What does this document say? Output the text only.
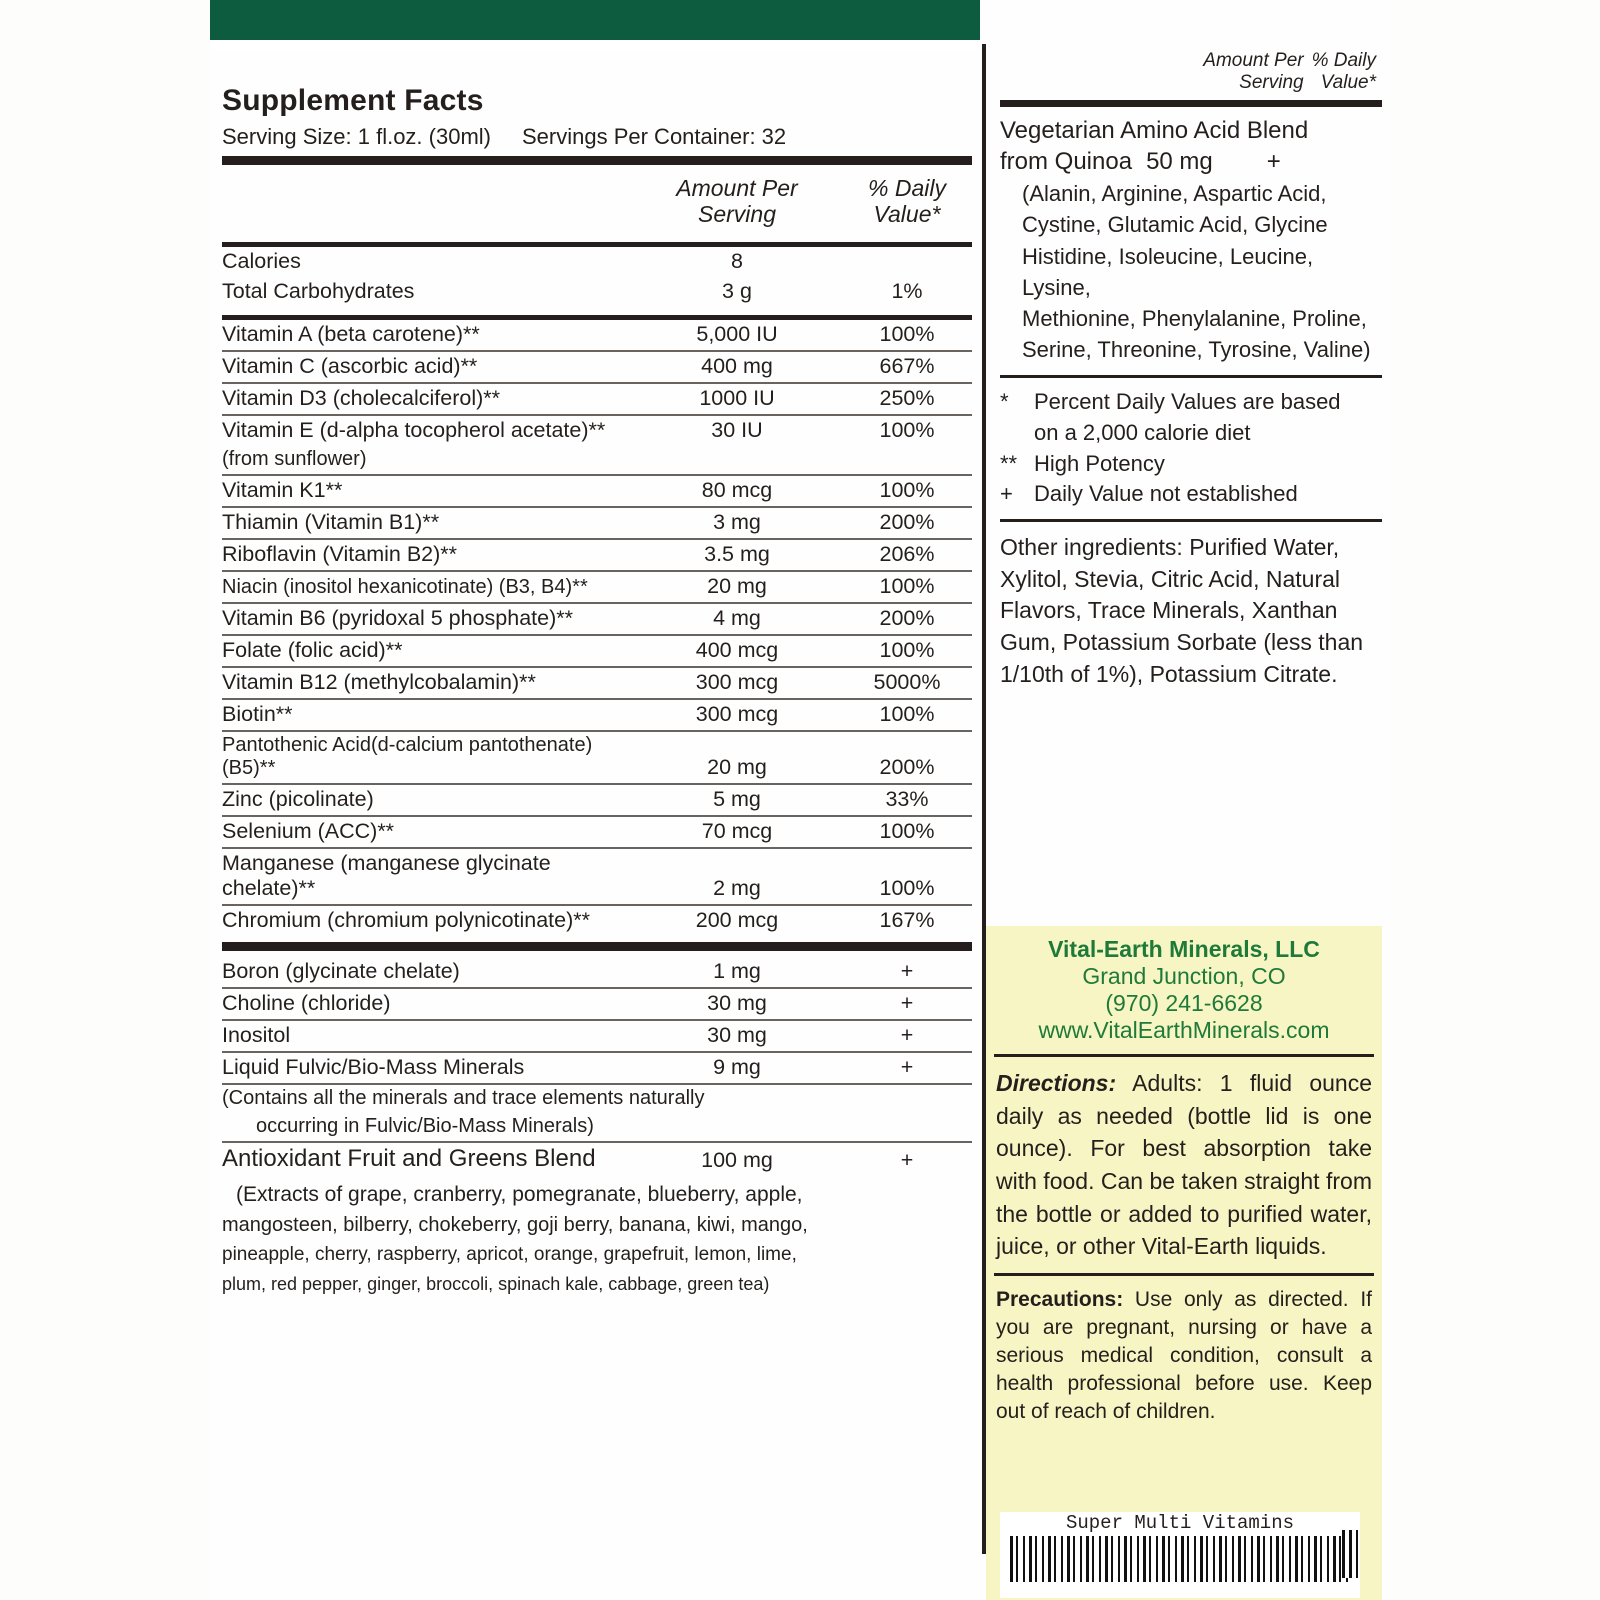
Supplement Facts
Serving Size: 1 fl.oz. (30ml)	Servings Per Container: 32
Amount Per
Serving
% Daily
Value*
Calories	8	
Total Carbohydrates	3 g	1%
Vitamin A (beta carotene)**	5,000 IU	100%
Vitamin C (ascorbic acid)**	400 mg	667%
Vitamin D3 (cholecalciferol)**	1000 IU	250%
Vitamin E (d-alpha tocopherol acetate)**	30 IU	100%
(from sunflower)		
Vitamin K1**	80 mcg	100%
Thiamin (Vitamin B1)**	3 mg	200%
Riboflavin (Vitamin B2)**	3.5 mg	206%
Niacin (inositol hexanicotinate) (B3, B4)**	20 mg	100%
Vitamin B6 (pyridoxal 5 phosphate)**	4 mg	200%
Folate (folic acid)**	400 mcg	100%
Vitamin B12 (methylcobalamin)**	300 mcg	5000%
Biotin**	300 mcg	100%
Pantothenic Acid(d-calcium pantothenate) (B5)**	20 mg	200%
Zinc (picolinate)	5 mg	33%
Selenium (ACC)**	70 mcg	100%
Manganese (manganese glycinate chelate)**	2 mg	100%
Chromium (chromium polynicotinate)**	200 mcg	167%
Boron (glycinate chelate)	1 mg	+
Choline (chloride)	30 mg	+
Inositol	30 mg	+
Liquid Fulvic/Bio-Mass Minerals	9 mg	+
(Contains all the minerals and trace elements naturally		
occurring in Fulvic/Bio-Mass Minerals)		
Antioxidant Fruit and Greens Blend	100 mg	+
(Extracts of grape, cranberry, pomegranate, blueberry, apple,
mangosteen, bilberry, chokeberry, goji berry, banana, kiwi, mango,
pineapple, cherry, raspberry, apricot, orange, grapefruit, lemon, lime,
plum, red pepper, ginger, broccoli, spinach kale, cabbage, green tea)
Amount Per
Serving
% Daily
Value*
Vegetarian Amino Acid Blend
from Quinoa 50 mg +
(Alanin, Arginine, Aspartic Acid,
Cystine, Glutamic Acid, Glycine
Histidine, Isoleucine, Leucine, Lysine,
Methionine, Phenylalanine, Proline,
Serine, Threonine, Tyrosine, Valine)
*	Percent Daily Values are based
on a 2,000 calorie diet
** High Potency
+ Daily Value not established
Other ingredients: Purified Water, Xylitol, Stevia, Citric Acid, Natural Flavors, Trace Minerals, Xanthan Gum, Potassium Sorbate (less than 1/10th of 1%), Potassium Citrate.
Vital-Earth Minerals, LLC
Grand Junction, CO
(970) 241-6628
www.VitalEarthMinerals.com
Directions: Adults: 1 fluid ounce daily as needed (bottle lid is one ounce). For best absorption take with food. Can be taken straight from the bottle or added to purified water, juice, or other Vital-Earth liquids.
Precautions: Use only as directed. If you are pregnant, nursing or have a serious medical condition, consult a health professional before use. Keep out of reach of children.
Super Multi Vitamins
